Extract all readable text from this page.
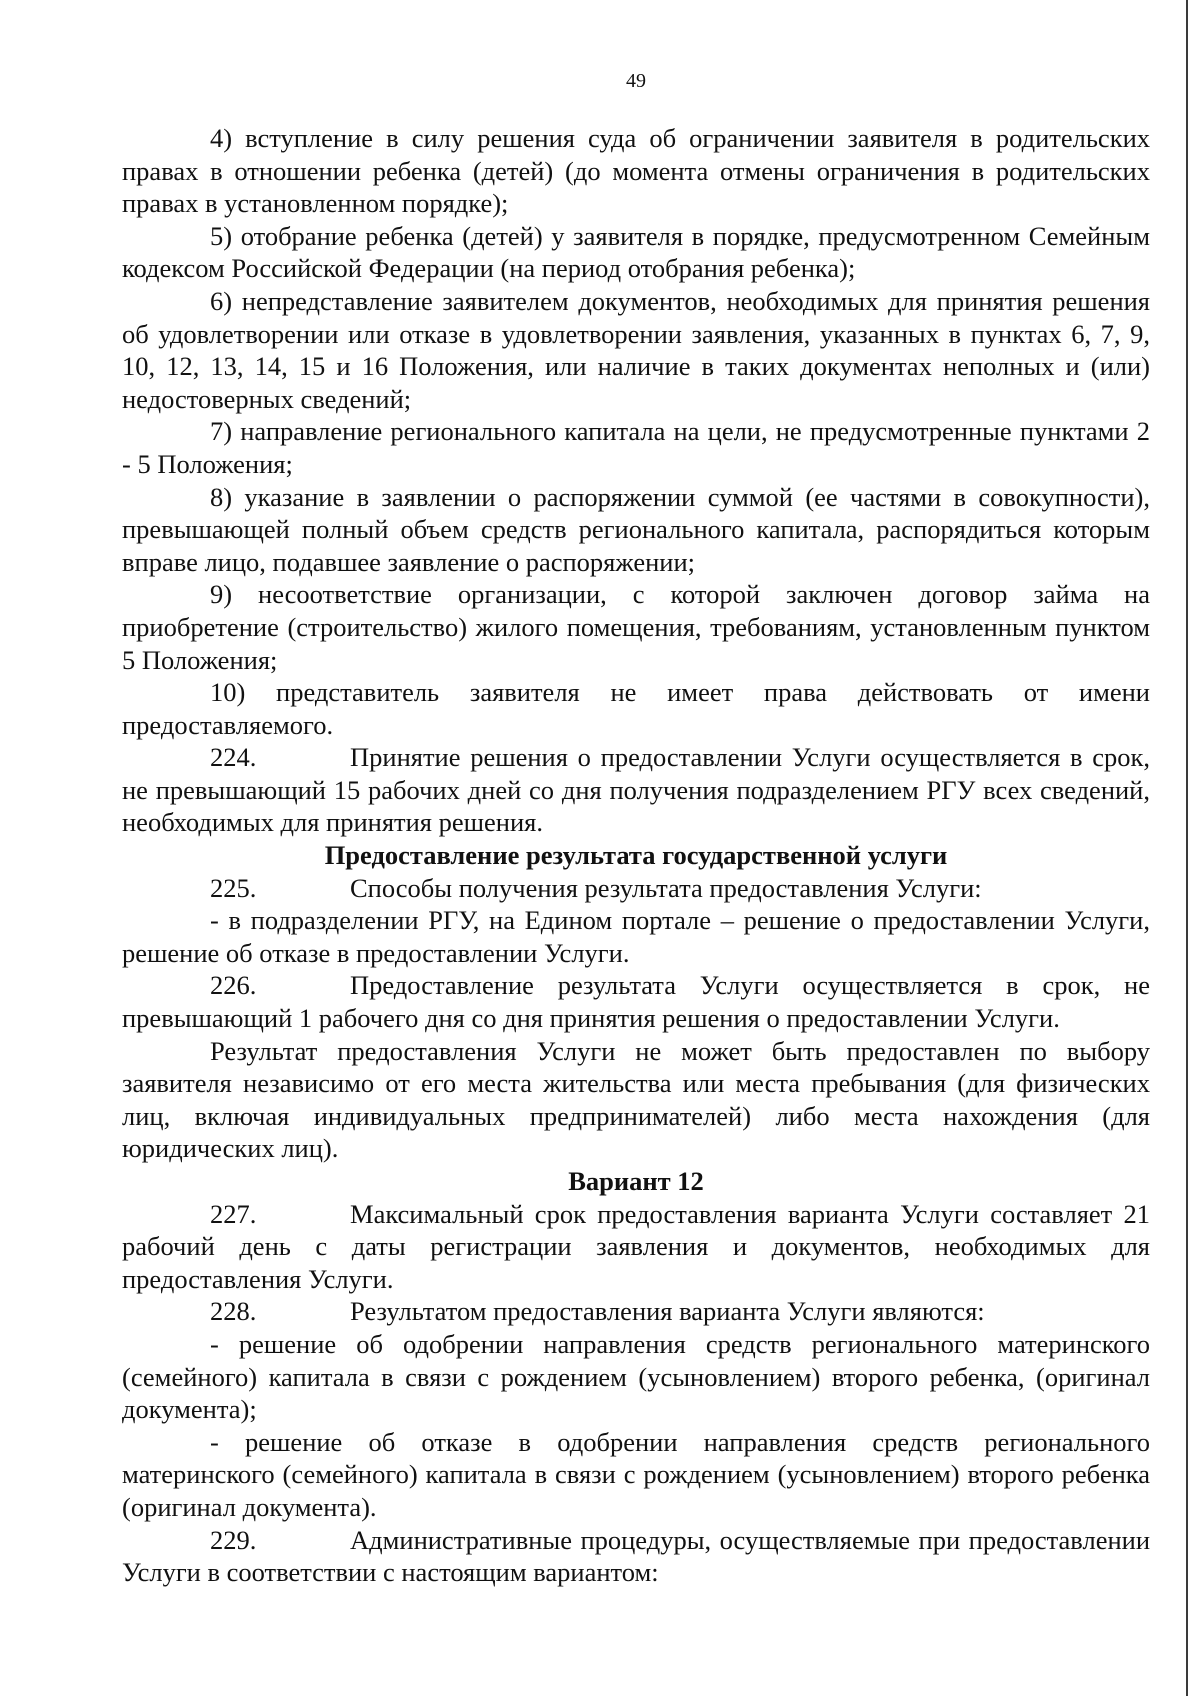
49

4) вступление в силу решения суда об ограничении заявителя в родительских правах в отношении ребенка (детей) (до момента отмены ограничения в родительских правах в установленном порядке);

5) отобрание ребенка (детей) у заявителя в порядке, предусмотренном Семейным кодексом Российской Федерации (на период отобрания ребенка);

6) непредставление заявителем документов, необходимых для принятия решения об удовлетворении или отказе в удовлетворении заявления, указанных в пунктах 6, 7, 9, 10, 12, 13, 14, 15 и 16 Положения, или наличие в таких документах неполных и (или) недостоверных сведений;

7) направление регионального капитала на цели, не предусмотренные пунктами 2 - 5 Положения;

8) указание в заявлении о распоряжении суммой (ее частями в совокупности), превышающей полный объем средств регионального капитала, распорядиться которым вправе лицо, подавшее заявление о распоряжении;

9) несоответствие организации, с которой заключен договор займа на приобретение (строительство) жилого помещения, требованиям, установленным пунктом 5 Положения;

10) представитель заявителя не имеет права действовать от имени предоставляемого.

224.	Принятие решения о предоставлении Услуги осуществляется в срок, не превышающий 15 рабочих дней со дня получения подразделением РГУ всех сведений, необходимых для принятия решения.

Предоставление результата государственной услуги

225.	Способы получения результата предоставления Услуги:

- в подразделении РГУ, на Едином портале – решение о предоставлении Услуги, решение об отказе в предоставлении Услуги.

226.	Предоставление результата Услуги осуществляется в срок, не превышающий 1 рабочего дня со дня принятия решения о предоставлении Услуги.

Результат предоставления Услуги не может быть предоставлен по выбору заявителя независимо от его места жительства или места пребывания (для физических лиц, включая индивидуальных предпринимателей) либо места нахождения (для юридических лиц).

Вариант 12

227.	Максимальный срок предоставления варианта Услуги составляет 21 рабочий день с даты регистрации заявления и документов, необходимых для предоставления Услуги.

228.	Результатом предоставления варианта Услуги являются:

- решение об одобрении направления средств регионального материнского (семейного) капитала в связи с рождением (усыновлением) второго ребенка, (оригинал документа);

- решение об отказе в одобрении направления средств регионального материнского (семейного) капитала в связи с рождением (усыновлением) второго ребенка (оригинал документа).

229.	Административные процедуры, осуществляемые при предоставлении Услуги в соответствии с настоящим вариантом:
